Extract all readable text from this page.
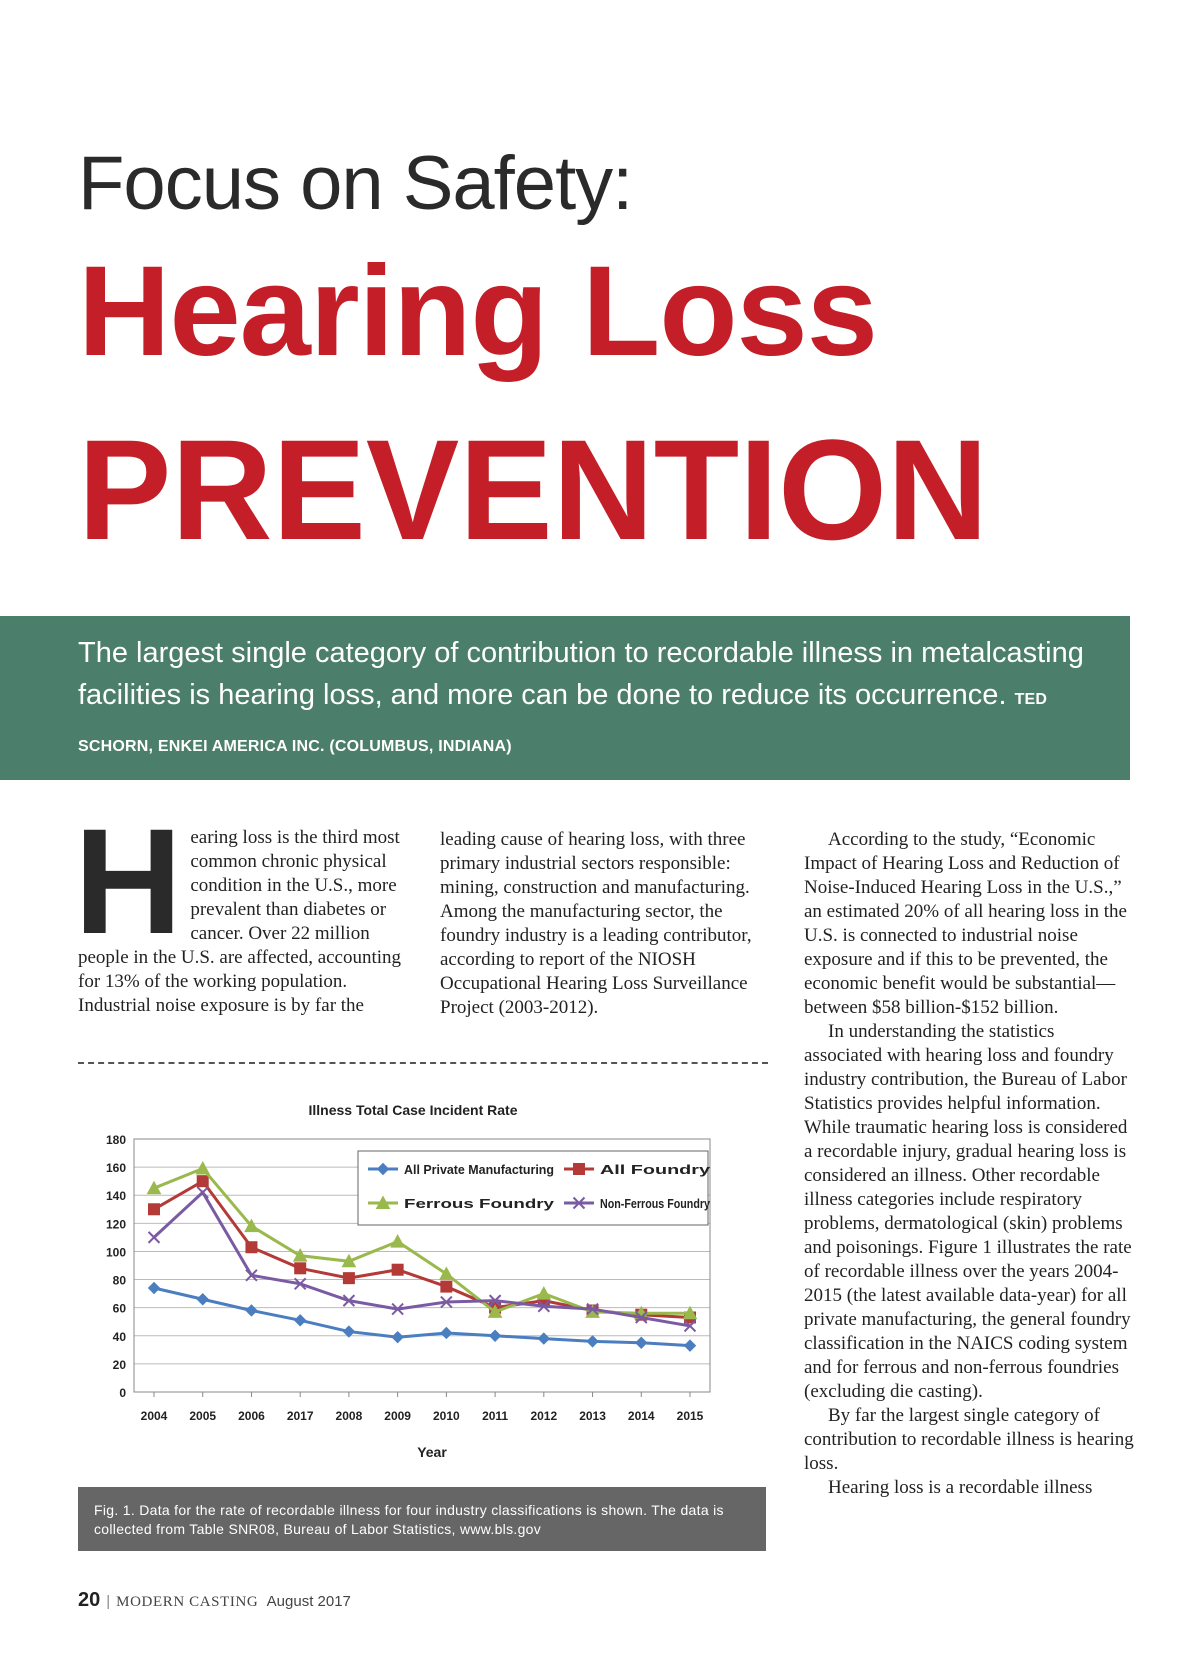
Focus on Safety:
Hearing Loss
PREVENTION
The largest single category of contribution to recordable illness in metalcasting facilities is hearing loss, and more can be done to reduce its occurrence. TED SCHORN, ENKEI AMERICA INC. (COLUMBUS, INDIANA)
H earing loss is the third most common chronic physical condition in the U.S., more prevalent than diabetes or cancer. Over 22 million people in the U.S. are affected, accounting for 13% of the working population. Industrial noise exposure is by far the

leading cause of hearing loss, with three primary industrial sectors responsible: mining, construction and manufacturing. Among the manufacturing sector, the foundry industry is a leading contributor, according to report of the NIOSH Occupational Hearing Loss Surveillance Project (2003-2012).

According to the study, “Economic Impact of Hearing Loss and Reduction of Noise-Induced Hearing Loss in the U.S.,” an estimated 20% of all hearing loss in the U.S. is connected to industrial noise exposure and if this to be prevented, the economic benefit would be substantial—between $58 billion-$152 billion.

In understanding the statistics associated with hearing loss and foundry industry contribution, the Bureau of Labor Statistics provides helpful information. While traumatic hearing loss is considered a recordable injury, gradual hearing loss is considered an illness. Other recordable illness categories include respiratory problems, dermatological (skin) problems and poisonings. Figure 1 illustrates the rate of recordable illness over the years 2004-2015 (the latest available data-year) for all private manufacturing, the general foundry classification in the NAICS coding system and for ferrous and non-ferrous foundries (excluding die casting).

By far the largest single category of contribution to recordable illness is hearing loss.

Hearing loss is a recordable illness

Illness Total Case Incident Rate
0
20
40
60
80
100
120
140
160
180
2004 2005 2006 2017 2008 2009 2010 2011 2012 2013 2014 2015
All Private Manufacturing	All Foundry
Ferrous Foundry	Non-Ferrous Foundry
Year
Fig. 1. Data for the rate of recordable illness for four industry classifications is shown. The data is collected from Table SNR08, Bureau of Labor Statistics, www.bls.gov
20 | MODERN CASTING August 2017
